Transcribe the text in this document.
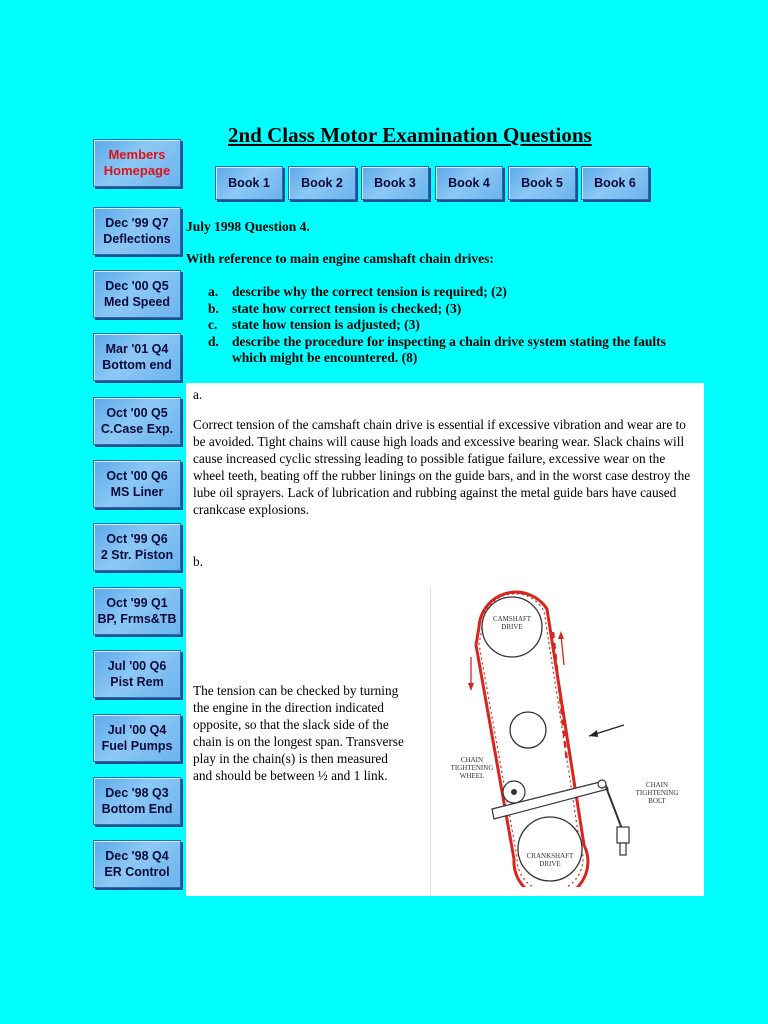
2nd Class Motor Examination Questions
Members
Homepage
Dec '99 Q7
Deflections
Dec '00 Q5
Med Speed
Mar '01 Q4
Bottom end
Oct '00 Q5
C.Case Exp.
Oct '00 Q6
MS Liner
Oct '99 Q6
2 Str. Piston
Oct '99 Q1
BP, Frms&TB
Jul '00 Q6
Pist Rem
Jul '00 Q4
Fuel Pumps
Dec '98 Q3
Bottom End
Dec '98 Q4
ER Control
Book 1	Book 2	Book 3	Book 4	Book 5	Book 6
July 1998 Question 4.
With reference to main engine camshaft chain drives:
a.	describe why the correct tension is required; (2)
b. state how correct tension is checked; (3)
c.	state how tension is adjusted; (3)
d. describe the procedure for inspecting a chain drive system stating the faults which might be encountered. (8)
a.
Correct tension of the camshaft chain drive is essential if excessive vibration and wear are to be avoided. Tight chains will cause high loads and excessive bearing wear. Slack chains will cause increased cyclic stressing leading to possible fatigue failure, excessive wear on the wheel teeth, beating off the rubber linings on the guide bars, and in the worst case destroy the lube oil sprayers. Lack of lubrication and rubbing against the metal guide bars have caused crankcase explosions.
b.
The tension can be checked by turning the engine in the direction indicated opposite, so that the slack side of the chain is on the longest span. Transverse play in the chain(s) is then measured and should be between ½ and 1 link.
CAMSHAFT
DRIVE
CHAIN
TIGHTENING
WHEEL
CHAIN
TIGHTENING
BOLT
CRANKSHAFT
DRIVE
